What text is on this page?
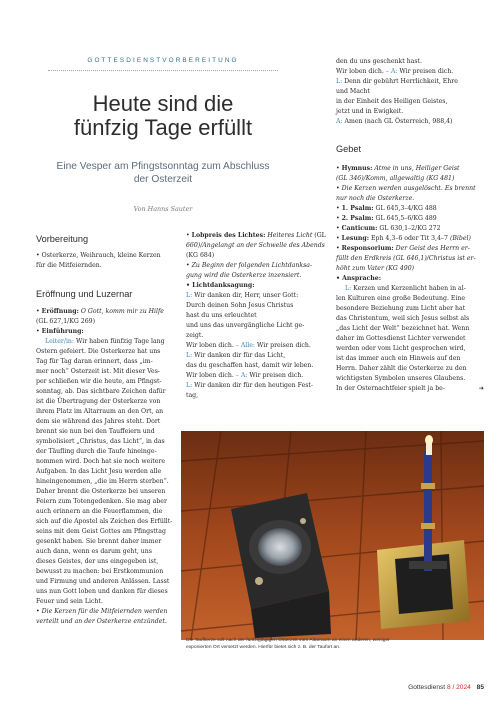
GOTTESDIENSTVORBEREITUNG
Heute sind die
fünfzig Tage erfüllt
Eine Vesper am Pfingstsonntag zum Abschluss
der Osterzeit
Von Hanns Sauter
Vorbereitung
• Osterkerze, Weihrauch, kleine Kerzen
für die Mitfeiernden.
Eröffnung und Luzernar
• Eröffnung: O Gott, komm mir zu Hilfe
(GL 627,1/KG 269)
• Einführung:
Leiter/in: Wir haben fünfzig Tage lang
Ostern gefeiert. Die Osterkerze hat uns
Tag für Tag daran erinnert, dass „im-
mer noch“ Osterzeit ist. Mit dieser Ves-
per schließen wir die heute, am Pfingst-
sonntag, ab. Das sichtbare Zeichen dafür
ist die Übertragung der Osterkerze von
ihrem Platz im Altarraum an den Ort, an
dem sie während des Jahres steht. Dort
brennt sie nun bei den Tauffeiern und
symbolisiert „Christus, das Licht“, in das
der Täufling durch die Taufe hineinge-
nommen wird. Doch hat sie noch weitere
Aufgaben. In das Licht Jesu werden alle
hineingenommen, „die im Herrn sterben“.
Daher brennt die Osterkerze bei unseren
Feiern zum Totengedenken. Sie mag aber
auch erinnern an die Feuerflammen, die
sich auf die Apostel als Zeichen des Erfüllt-
seins mit dem Geist Gottes am Pfingsttag
gesenkt haben. Sie brennt daher immer
auch dann, wenn es darum geht, uns
dieses Geistes, der uns eingegeben ist,
bewusst zu machen: bei Erstkommunion
und Firmung und anderen Anlässen. Lasst
uns nun Gott loben und danken für dieses
Feuer und sein Licht.
• Die Kerzen für die Mitfeiernden werden
verteilt und an der Osterkerze entzündet.
• Lobpreis des Lichtes: Heiteres Licht (GL
660)/Angelangt an der Schwelle des Abends
(KG 684)
• Zu Beginn der folgenden Lichtdanksa-
gung wird die Osterkerze inzensiert.
• Lichtdanksagung:
L: Wir danken dir, Herr, unser Gott:
Durch deinen Sohn Jesus Christus
hast du uns erleuchtet
und uns das unvergängliche Licht ge-
zeigt.
Wir loben dich. – Alle: Wir preisen dich.
L: Wir danken dir für das Licht,
das du geschaffen hast, damit wir leben.
Wir loben dich. – A: Wir preisen dich.
L: Wir danken dir für den heutigen Fest-
tag,
den du uns geschenkt hast.
Wir loben dich. – A: Wir preisen dich.
L: Denn dir gebührt Herrlichkeit, Ehre
und Macht
in der Einheit des Heiligen Geistes,
jetzt und in Ewigkeit.
A: Amen (nach GL Österreich, 988,4)
Gebet
• Hymnus: Atme in uns, Heiliger Geist
(GL 346)/Komm, allgewaltig (KG 481)
• Die Kerzen werden ausgelöscht. Es brennt
nur noch die Osterkerze.
• 1. Psalm: GL 645,3–4/KG 488
• 2. Psalm: GL 645,5–6/KG 489
• Canticum: GL 630,1–2/KG 272
• Lesung: Eph 4,3–6 oder Tit 3,4–7 (Bibel)
• Responsorium: Der Geist des Herrn er-
füllt den Erdkreis (GL 646,1)/Christus ist er-
höht zum Vater (KG 490)
• Ansprache:
L: Kerzen und Kerzenlicht haben in al-
len Kulturen eine große Bedeutung. Eine
besondere Beziehung zum Licht aber hat
das Christentum, weil sich Jesus selbst als
„das Licht der Welt“ bezeichnet hat. Wenn
daher im Gottesdienst Lichter verwendet
werden oder vom Licht gesprochen wird,
ist das immer auch ein Hinweis auf den
Herrn. Daher zählt die Osterkerze zu den
wichtigsten Symbolen unseres Glaubens.
In der Osternachtfeier spielt ja be-	➔
Die Taufkerze soll nach der fünfzigtägigen Osterzeit vom Altarraum an einen anderen, weniger
exponierten Ort versetzt werden. Hierfür bietet sich z. B. der Taufort an.
Gottesdienst 8 / 2024 85
